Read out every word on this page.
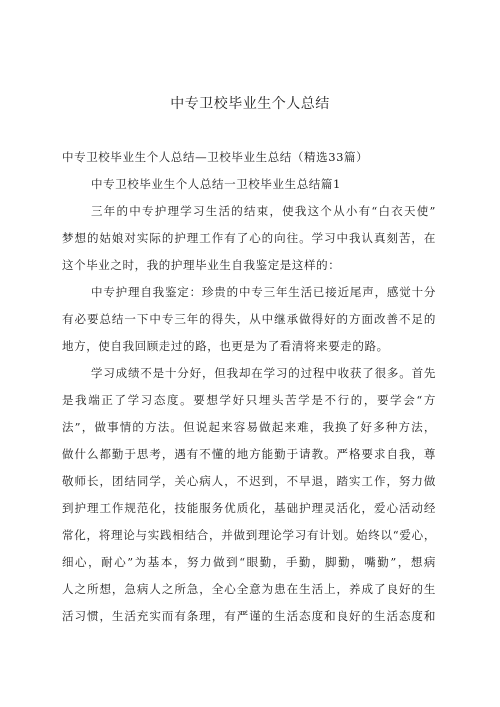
中专卫校毕业生个人总结
中专卫校毕业生个人总结—卫校毕业生总结（精选33篇）
中专卫校毕业生个人总结一卫校毕业生总结篇1
三年的中专护理学习生活的结束，使我这个从小有“白衣天使”
梦想的姑娘对实际的护理工作有了心的向往。学习中我认真刻苦，在
这个毕业之时，我的护理毕业生自我鉴定是这样的：
中专护理自我鉴定：珍贵的中专三年生活已接近尾声，感觉十分
有必要总结一下中专三年的得失，从中继承做得好的方面改善不足的
地方，使自我回顾走过的路，也更是为了看清将来要走的路。
学习成绩不是十分好，但我却在学习的过程中收获了很多。首先
是我端正了学习态度。要想学好只埋头苦学是不行的，要学会“方
法”，做事情的方法。但说起来容易做起来难，我换了好多种方法，
做什么都勤于思考，遇有不懂的地方能勤于请教。严格要求自我，尊
敬师长，团结同学，关心病人，不迟到，不早退，踏实工作，努力做
到护理工作规范化，技能服务优质化，基础护理灵活化，爱心活动经
常化，将理论与实践相结合，并做到理论学习有计划。始终以“爱心，
细心，耐心”为基本，努力做到“眼勤，手勤，脚勤，嘴勤”，想病
人之所想，急病人之所急，全心全意为患在生活上，养成了良好的生
活习惯，生活充实而有条理，有严谨的生活态度和良好的生活态度和
